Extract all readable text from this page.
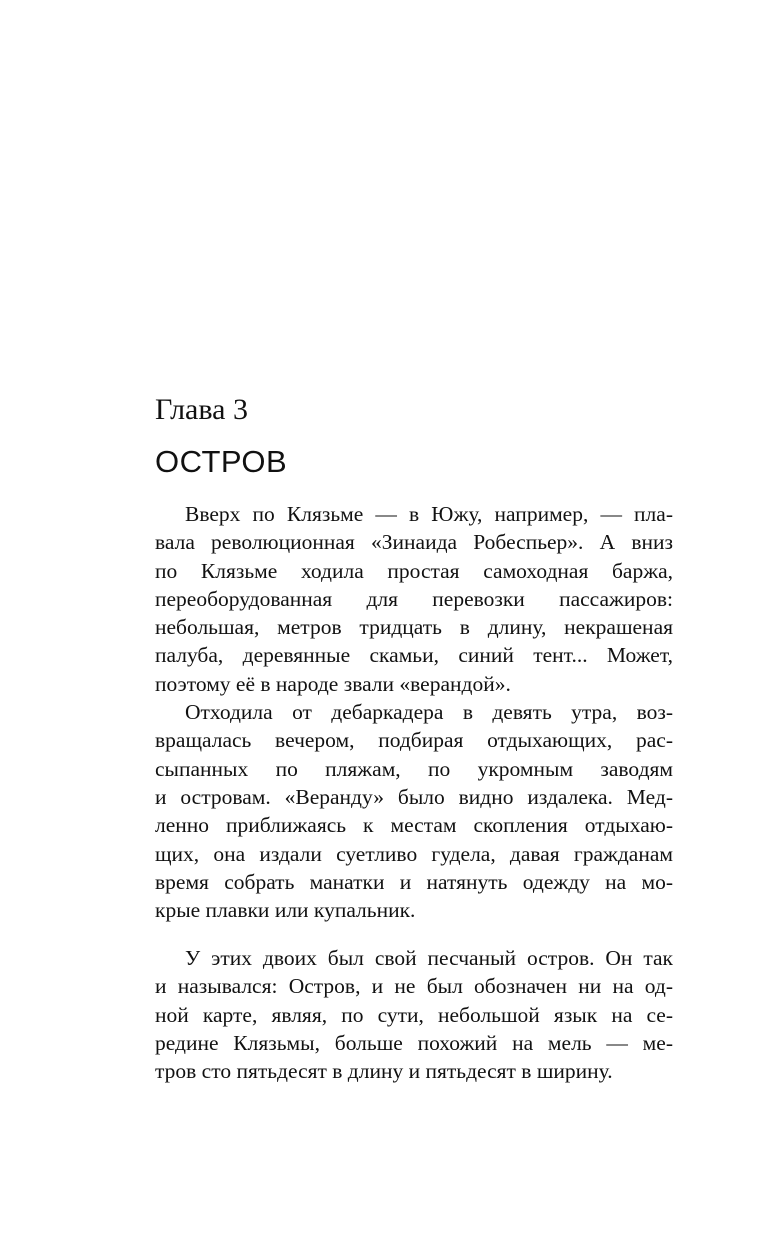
Глава 3
ОСТРОВ

Вверх по Клязьме — в Южу, например, — пла-
вала революционная «Зинаида Робеспьер». А вниз
по Клязьме ходила простая самоходная баржа,
переоборудованная для перевозки пассажиров:
небольшая, метров тридцать в длину, некрашеная
палуба, деревянные скамьи, синий тент... Может,
поэтому её в народе звали «верандой».

Отходила от дебаркадера в девять утра, воз-
вращалась вечером, подбирая отдыхающих, рас-
сыпанных по пляжам, по укромным заводям
и островам. «Веранду» было видно издалека. Мед-
ленно приближаясь к местам скопления отдыхаю-
щих, она издали суетливо гудела, давая гражданам
время собрать манатки и натянуть одежду на мо-
крые плавки или купальник.

У этих двоих был свой песчаный остров. Он так
и назывался: Остров, и не был обозначен ни на од-
ной карте, являя, по сути, небольшой язык на се-
редине Клязьмы, больше похожий на мель — ме-
тров сто пятьдесят в длину и пятьдесят в ширину.
